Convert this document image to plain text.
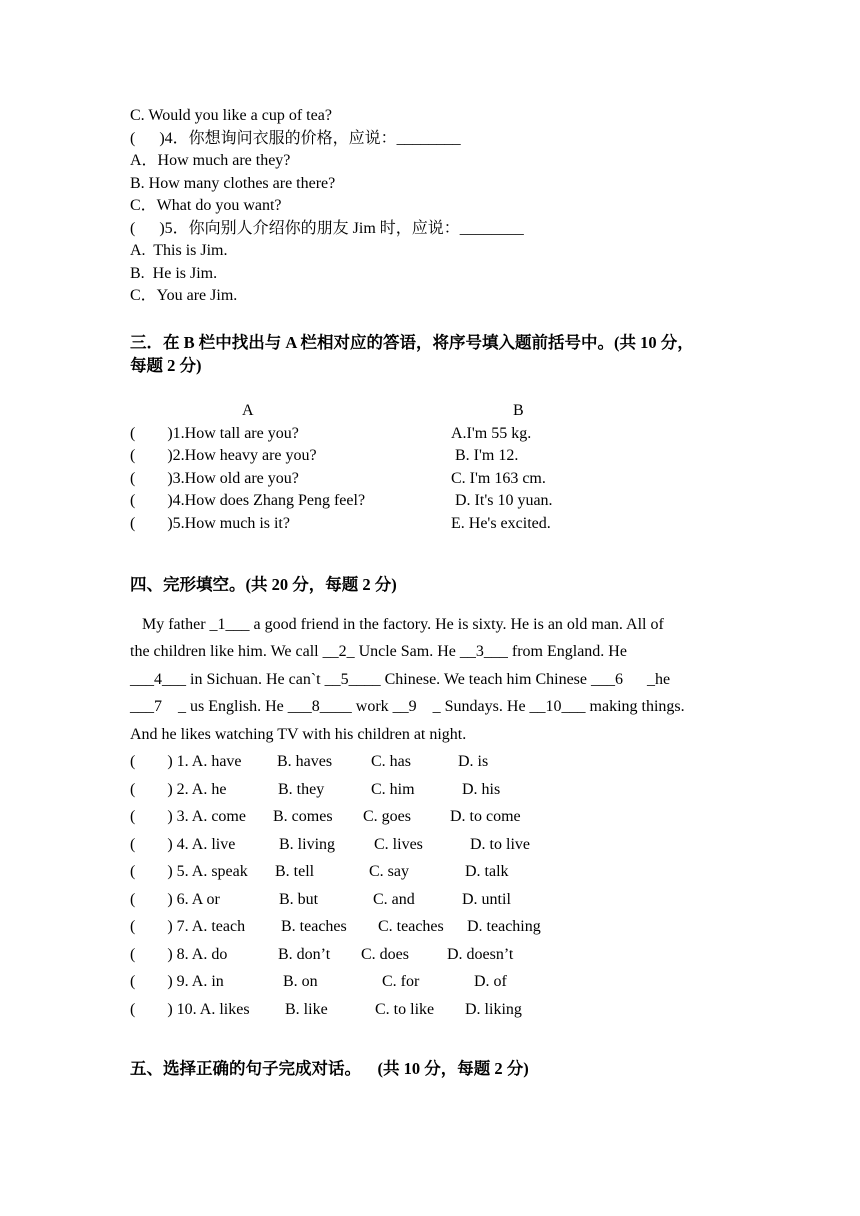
C. Would you like a cup of tea?
(      )4．你想询问衣服的价格，应说：________
A．How much are they?
B. How many clothes are there?
C．What do you want?
(      )5．你向别人介绍你的朋友 Jim 时，应说：________
A.  This is Jim.
B.  He is Jim.
C．You are Jim.
三．在 B 栏中找出与 A 栏相对应的答语，将序号填入题前括号中。(共 10 分，
每题 2 分)
A	B
(        )1.How tall are you?	A.I'm 55 kg.
(        )2.How heavy are you?	B. I'm 12.
(        )3.How old are you?	C. I'm 163 cm.
(        )4.How does Zhang Peng feel?	D. It's 10 yuan.
(        )5.How much is it?	E. He's excited.
四、完形填空。(共 20 分，每题 2 分)
My father _1___ a good friend in the factory. He is sixty. He is an old man. All of
the children like him. We call __2_ Uncle Sam. He __3___ from England. He
___4___ in Sichuan. He can`t __5____ Chinese. We teach him Chinese ___6      _he
___7    _ us English. He ___8____ work __9    _ Sundays. He __10___ making things.
And he likes watching TV with his children at night.
(        ) 1. A. have B. haves C. has	D. is
(        ) 2. A. he	B. they	C. him	D. his
(        ) 3. A. come B. comes C. goes D. to come
(        ) 4. A. live	B. living C. lives	D. to live
(        ) 5. A. speak B. tell	C. say	D. talk
(        ) 6. A or	B. but	C. and	D. until
(        ) 7. A. teach B. teaches C. teaches D. teaching
(        ) 8. A. do	B. don’t C. does D. doesn’t
(        ) 9. A. in	B. on	C. for	D. of
(        ) 10. A. likes B. like	C. to like D. liking
五、选择正确的句子完成对话。    (共 10 分，每题 2 分)
